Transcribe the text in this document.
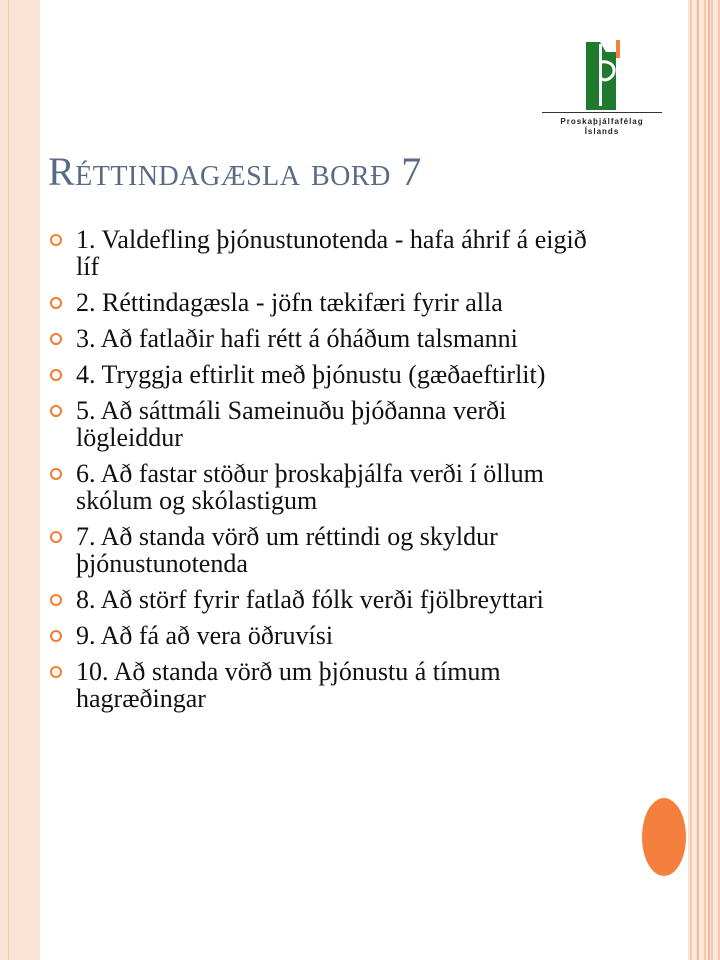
Proskaþjálfafélag
Íslands
Réttindagæsla borð 7
1. Valdefling þjónustunotenda - hafa áhrif á eigið líf
2. Réttindagæsla - jöfn tækifæri fyrir alla
3. Að fatlaðir hafi rétt á óháðum talsmanni
4. Tryggja eftirlit með þjónustu (gæðaeftirlit)
5. Að sáttmáli Sameinuðu þjóðanna verði lögleiddur
6. Að fastar stöður þroskaþjálfa verði í öllum skólum og skólastigum
7. Að standa vörð um réttindi og skyldur þjónustunotenda
8. Að störf fyrir fatlað fólk verði fjölbreyttari
9. Að fá að vera öðruvísi
10. Að standa vörð um þjónustu á tímum hagræðingar
